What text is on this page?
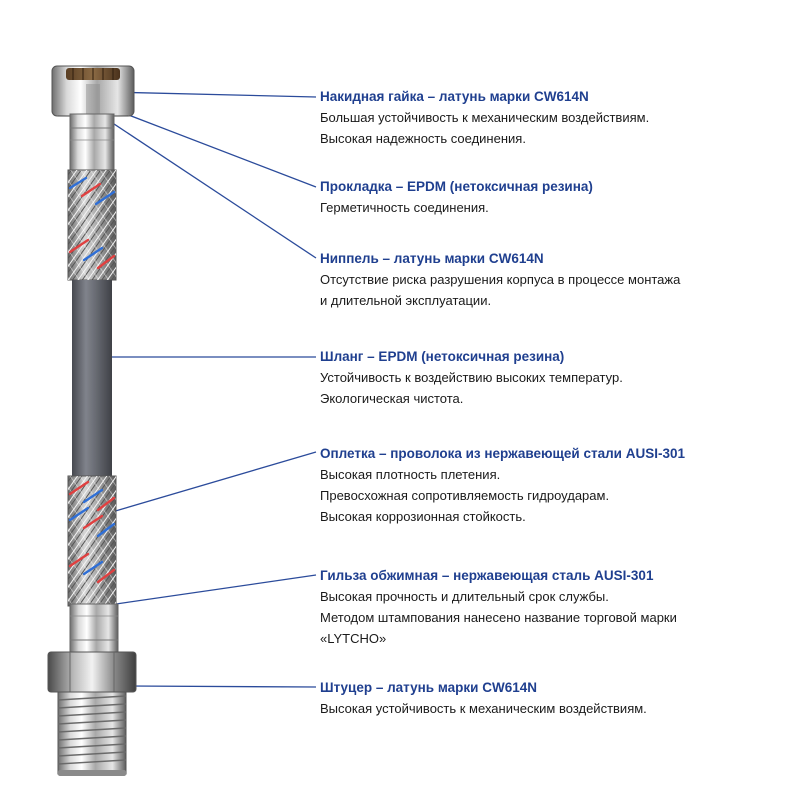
Накидная гайка – латунь марки CW614N
Большая устойчивость к механическим воздействиям.
Высокая надежность соединения.
Прокладка – EPDM (нетоксичная резина)
Герметичность соединения.
Ниппель – латунь марки CW614N
Отсутствие риска разрушения корпуса в процессе монтажа
и длительной эксплуатации.
Шланг – EPDM (нетоксичная резина)
Устойчивость к воздействию высоких температур.
Экологическая чистота.
Оплетка – проволока из нержавеющей стали AUSI-301
Высокая плотность плетения.
Превосхожная сопротивляемость гидроударам.
Высокая коррозионная стойкость.
Гильза обжимная – нержавеющая сталь AUSI-301
Высокая прочность и длительный срок службы.
Методом штампования нанесено название торговой марки
«LYTCHO»
Штуцер – латунь марки CW614N
Высокая устойчивость к механическим воздействиям.
